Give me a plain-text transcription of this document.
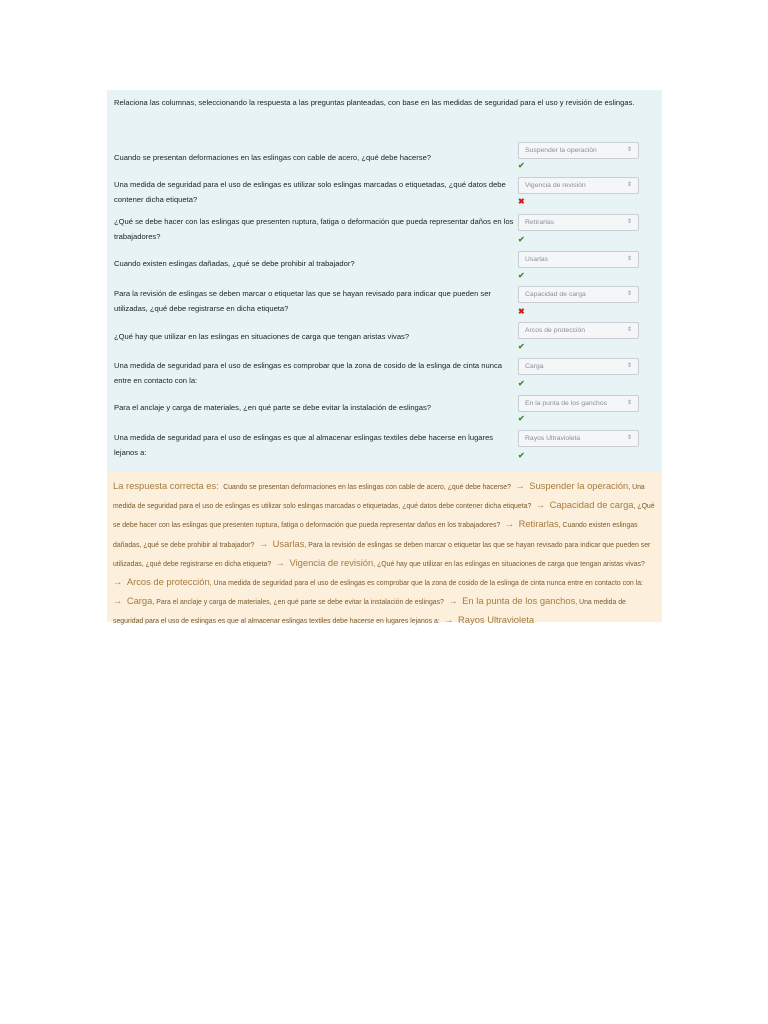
Relaciona las columnas, seleccionando la respuesta a las preguntas planteadas, con base en las medidas de seguridad para el uso y revisión de eslingas.
Cuando se presentan deformaciones en las eslingas con cable de acero, ¿qué debe hacerse?
Suspender la operación	⇕
✔
Una medida de seguridad para el uso de eslingas es utilizar solo eslingas marcadas o etiquetadas, ¿qué datos debe contener dicha etiqueta?
Vigencia de revisión	⇕
✖
¿Qué se debe hacer con las eslingas que presenten ruptura, fatiga o deformación que pueda representar daños en los trabajadores?
Retirarlas	⇕
✔
Cuando existen eslingas dañadas, ¿qué se debe prohibir al trabajador?	Usarlas	⇕
✔
Para la revisión de eslingas se deben marcar o etiquetar las que se hayan revisado para indicar que pueden ser utilizadas, ¿qué debe registrarse en dicha etiqueta?
Capacidad de carga	⇕
✖
¿Qué hay que utilizar en las eslingas en situaciones de carga que tengan aristas vivas?
Arcos de protección	⇕
✔
Una medida de seguridad para el uso de eslingas es comprobar que la zona de cosido de la eslinga de cinta nunca entre en contacto con la:
Carga	⇕
✔
Para el anclaje y carga de materiales, ¿en qué parte se debe evitar la instalación de eslingas?	En la punta de los ganchos	⇕
✔
Una medida de seguridad para el uso de eslingas es que al almacenar eslingas textiles debe hacerse en lugares lejanos a:
Rayos Ultravioleta	⇕
✔
La respuesta correcta es: Cuando se presentan deformaciones en las eslingas con cable de acero, ¿qué debe hacerse? → Suspender la operación, Una medida de seguridad para el uso de eslingas es utilizar solo eslingas marcadas o etiquetadas, ¿qué datos debe contener dicha etiqueta? → Capacidad de carga, ¿Qué se debe hacer con las eslingas que presenten ruptura, fatiga o deformación que pueda representar daños en los trabajadores? → Retirarlas, Cuando existen eslingas dañadas, ¿qué se debe prohibir al trabajador? → Usarlas, Para la revisión de eslingas se deben marcar o etiquetar las que se hayan revisado para indicar que pueden ser utilizadas, ¿qué debe registrarse en dicha etiqueta? → Vigencia de revisión, ¿Qué hay que utilizar en las eslingas en situaciones de carga que tengan aristas vivas? → Arcos de protección, Una medida de seguridad para el uso de eslingas es comprobar que la zona de cosido de la eslinga de cinta nunca entre en contacto con la: → Carga, Para el anclaje y carga de materiales, ¿en qué parte se debe evitar la instalación de eslingas? → En la punta de los ganchos, Una medida de seguridad para el uso de eslingas es que al almacenar eslingas textiles debe hacerse en lugares lejanos a: → Rayos Ultravioleta
